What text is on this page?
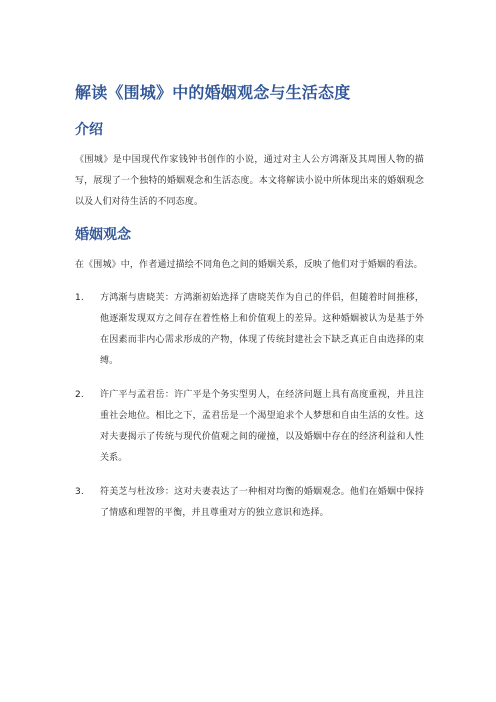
解读《围城》中的婚姻观念与生活态度
介绍

《围城》是中国现代作家钱钟书创作的小说，通过对主人公方鸿渐及其周围人物的描写，展现了一个独特的婚姻观念和生活态度。本文将解读小说中所体现出来的婚姻观念以及人们对待生活的不同态度。

婚姻观念

在《围城》中，作者通过描绘不同角色之间的婚姻关系，反映了他们对于婚姻的看法。

1. 方鸿渐与唐晓芙：方鸿渐初始选择了唐晓芙作为自己的伴侣，但随着时间推移，他逐渐发现双方之间存在着性格上和价值观上的差异。这种婚姻被认为是基于外在因素而非内心需求形成的产物，体现了传统封建社会下缺乏真正自由选择的束缚。
2. 许广平与孟君岳：许广平是个务实型男人，在经济问题上具有高度重视，并且注重社会地位。相比之下，孟君岳是一个渴望追求个人梦想和自由生活的女性。这对夫妻揭示了传统与现代价值观之间的碰撞，以及婚姻中存在的经济利益和人性关系。
3. 符美芝与杜汝珍：这对夫妻表达了一种相对均衡的婚姻观念。他们在婚姻中保持了情感和理智的平衡，并且尊重对方的独立意识和选择。
